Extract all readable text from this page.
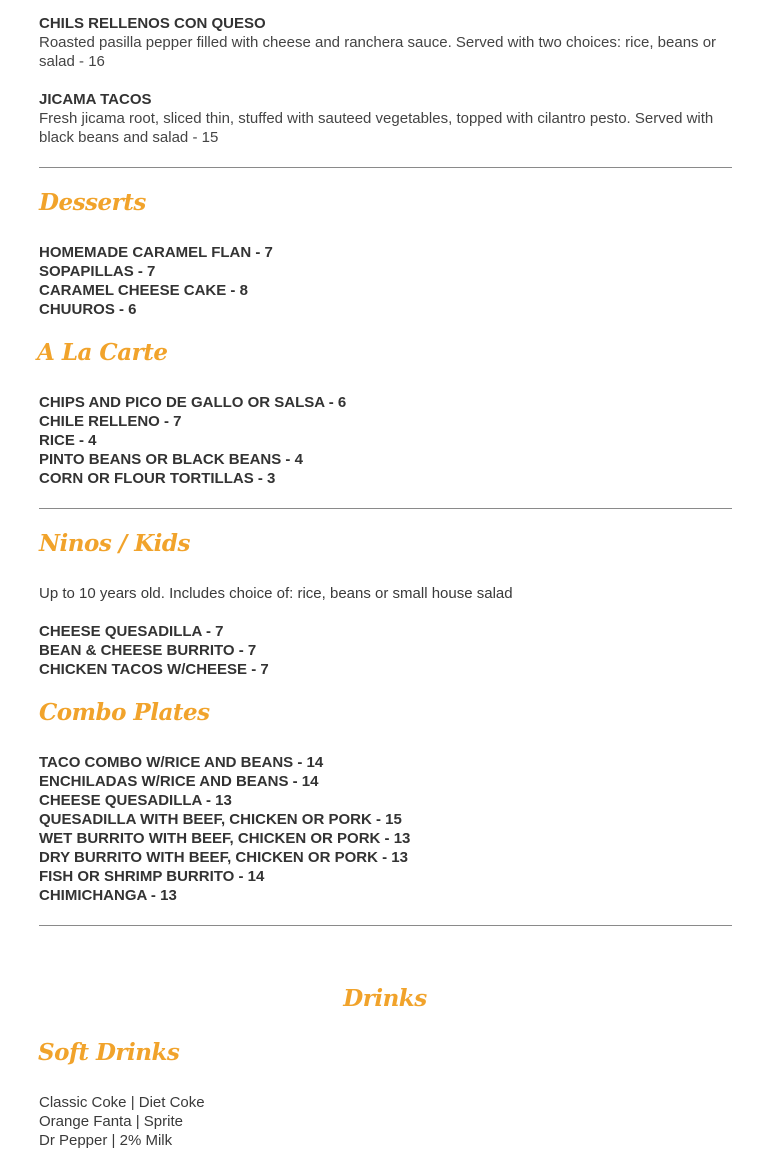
CHILS RELLENOS CON QUESO
Roasted pasilla pepper filled with cheese and ranchera sauce. Served with two choices: rice, beans or salad - 16
JICAMA TACOS
Fresh jicama root, sliced thin, stuffed with sauteed vegetables, topped with cilantro pesto. Served with black beans and salad - 15
Desserts
HOMEMADE CARAMEL FLAN - 7
SOPAPILLAS - 7
CARAMEL CHEESE CAKE - 8
CHUUROS - 6
A La Carte
CHIPS AND PICO DE GALLO OR SALSA - 6
CHILE RELLENO - 7
RICE - 4
PINTO BEANS OR BLACK BEANS - 4
CORN OR FLOUR TORTILLAS - 3
Ninos / Kids
Up to 10 years old. Includes choice of: rice, beans or small house salad
CHEESE QUESADILLA - 7
BEAN & CHEESE BURRITO - 7
CHICKEN TACOS W/CHEESE - 7
Combo Plates
TACO COMBO W/RICE AND BEANS - 14
ENCHILADAS W/RICE AND BEANS - 14
CHEESE QUESADILLA - 13
QUESADILLA WITH BEEF, CHICKEN OR PORK - 15
WET BURRITO WITH BEEF, CHICKEN OR PORK - 13
DRY BURRITO WITH BEEF, CHICKEN OR PORK - 13
FISH OR SHRIMP BURRITO - 14
CHIMICHANGA - 13
Drinks
Soft Drinks
Classic Coke | Diet Coke
Orange Fanta | Sprite
Dr Pepper | 2% Milk
